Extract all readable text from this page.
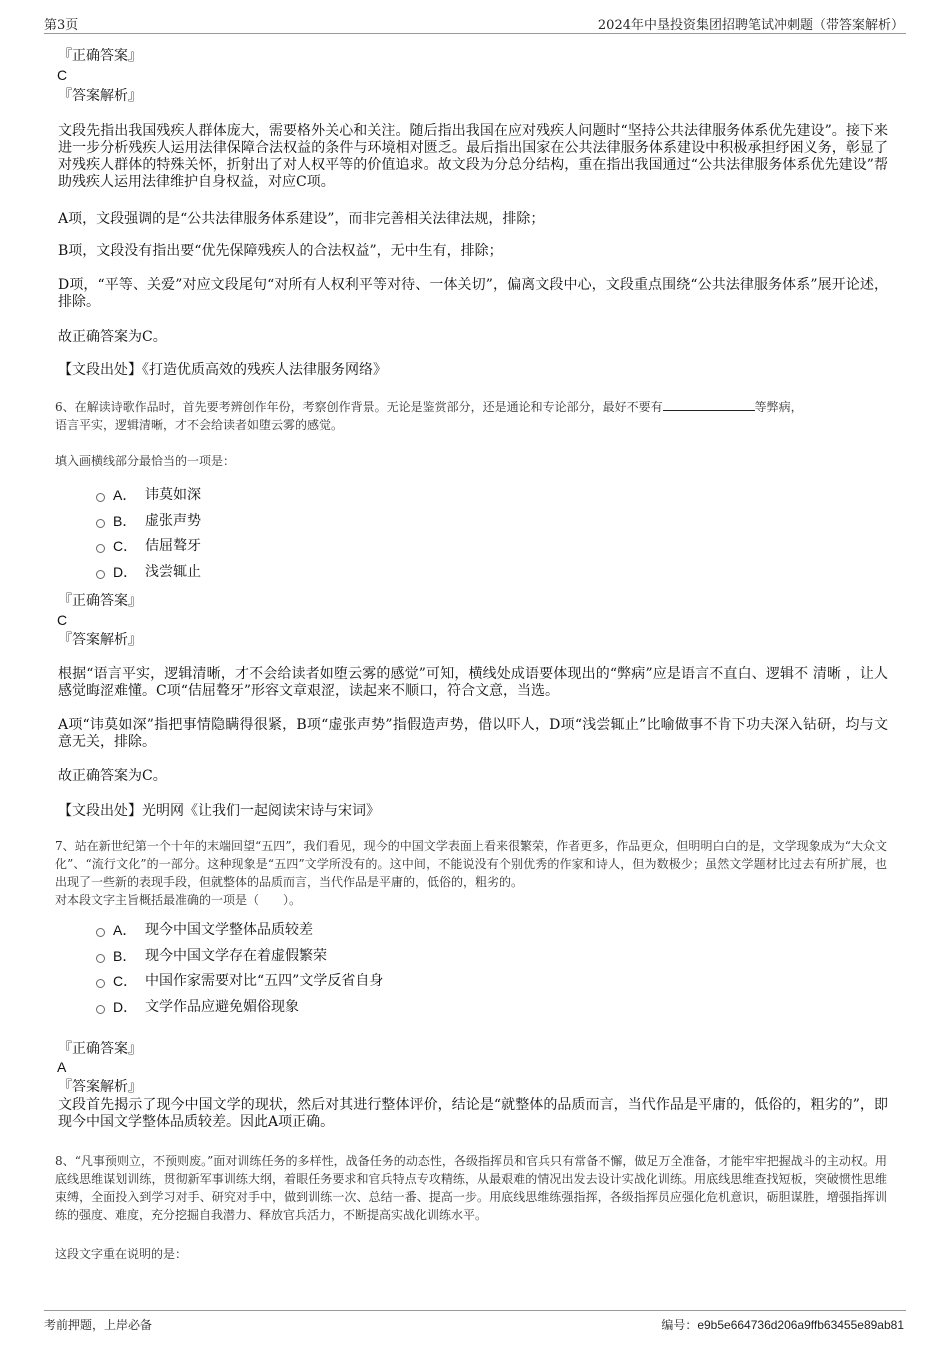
第3页	2024年中垦投资集团招聘笔试冲刺题（带答案解析）
『正确答案』
C
『答案解析』
文段先指出我国残疾人群体庞大，需要格外关心和关注。随后指出我国在应对残疾人问题时“坚持公共法律服务体系优先建设”。接下来进一步分析残疾人运用法律保障合法权益的条件与环境相对匮乏。最后指出国家在公共法律服务体系建设中积极承担纾困义务，彰显了对残疾人群体的特殊关怀，折射出了对人权平等的价值追求。故文段为分总分结构，重在指出我国通过“公共法律服务体系优先建设”帮助残疾人运用法律维护自身权益，对应C项。
A项，文段强调的是“公共法律服务体系建设”，而非完善相关法律法规，排除；
B项，文段没有指出要“优先保障残疾人的合法权益”，无中生有，排除；
D项，“平等、关爱”对应文段尾句“对所有人权利平等对待、一体关切”，偏离文段中心，文段重点围绕“公共法律服务体系”展开论述，排除。
故正确答案为C。
【文段出处】《打造优质高效的残疾人法律服务网络》
6、在解读诗歌作品时，首先要考辨创作年份，考察创作背景。无论是鉴赏部分，还是通论和专论部分，最好不要有	等弊病，
语言平实，逻辑清晰，才不会给读者如堕云雾的感觉。
填入画横线部分最恰当的一项是：
A． 讳莫如深
B． 虚张声势
C． 佶屈聱牙
D． 浅尝辄止
『正确答案』
C
『答案解析』
根据“语言平实，逻辑清晰，才不会给读者如堕云雾的感觉”可知，横线处成语要体现出的“弊病”应是语言不直白、逻辑不 清晰 ，让人感觉晦涩难懂。C项“佶屈聱牙”形容文章艰涩，读起来不顺口，符合文意，当选。
A项“讳莫如深”指把事情隐瞒得很紧，B项“虚张声势”指假造声势，借以吓人，D项“浅尝辄止”比喻做事不肯下功夫深入钻研，均与文意无关，排除。
故正确答案为C。
【文段出处】光明网《让我们一起阅读宋诗与宋词》
7、站在新世纪第一个十年的末端回望“五四”，我们看见，现今的中国文学表面上看来很繁荣，作者更多，作品更众，但明明白白的是，文学现象成为“大众文化”、“流行文化”的一部分。这种现象是“五四”文学所没有的。这中间，不能说没有个别优秀的作家和诗人，但为数极少；虽然文学题材比过去有所扩展，也出现了一些新的表现手段，但就整体的品质而言，当代作品是平庸的，低俗的，粗劣的。
对本段文字主旨概括最准确的一项是（　　）。
A． 现今中国文学整体品质较差
B． 现今中国文学存在着虚假繁荣
C． 中国作家需要对比“五四”文学反省自身
D． 文学作品应避免媚俗现象
『正确答案』
A
『答案解析』
文段首先揭示了现今中国文学的现状，然后对其进行整体评价，结论是“就整体的品质而言，当代作品是平庸的，低俗的，粗劣的”，即现今中国文学整体品质较差。因此A项正确。
8、“凡事预则立，不预则废。”面对训练任务的多样性，战备任务的动态性，各级指挥员和官兵只有常备不懈，做足万全准备，才能牢牢把握战斗的主动权。用底线思维谋划训练，贯彻新军事训练大纲，着眼任务要求和官兵特点专攻精练，从最艰难的情况出发去设计实战化训练。用底线思维查找短板，突破惯性思维束缚，全面投入到学习对手、研究对手中，做到训练一次、总结一番、提高一步。用底线思维练强指挥，各级指挥员应强化危机意识，砺胆谋胜，增强指挥训练的强度、难度，充分挖掘自我潜力、释放官兵活力，不断提高实战化训练水平。
这段文字重在说明的是：
考前押题，上岸必备	编号：e9b5e664736d206a9ffb63455e89ab81
